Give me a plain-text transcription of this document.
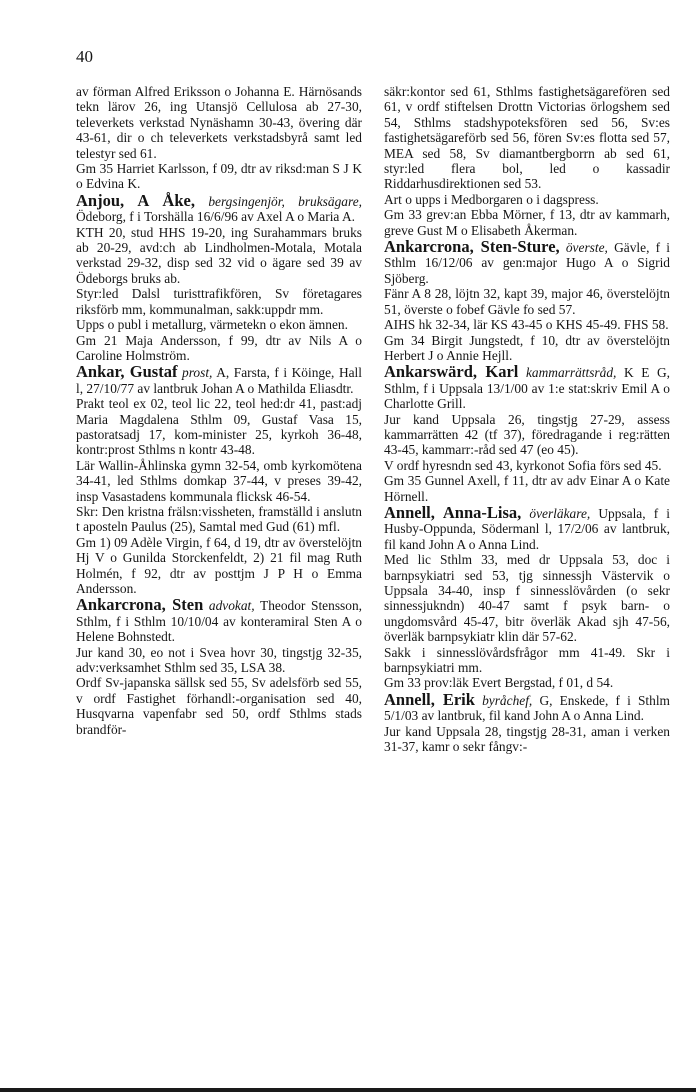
40

av förman Alfred Eriksson o Johanna E. Härnösands tekn lärov 26, ing Utansjö Cellulosa ab 27-30, televerkets verkstad Nynäshamn 30-43, övering där 43-61, dir o ch televerkets verkstadsbyrå samt led telestyr sed 61.

Gm 35 Harriet Karlsson, f 09, dtr av riksd:man S J K o Edvina K.

Anjou, A Åke, bergsingenjör, bruksägare, Ödeborg, f i Torshälla 16/6/96 av Axel A o Maria A.

KTH 20, stud HHS 19-20, ing Surahammars bruks ab 20-29, avd:ch ab Lindholmen-Motala, Motala verkstad 29-32, disp sed 32 vid o ägare sed 39 av Ödeborgs bruks ab.

Styr:led Dalsl turisttrafikfören, Sv företagares riksförb mm, kommunalman, sakk:uppdr mm.

Upps o publ i metallurg, värmetekn o ekon ämnen.

Gm 21 Maja Andersson, f 99, dtr av Nils A o Caroline Holmström.

Ankar, Gustaf prost, A, Farsta, f i Köinge, Hall l, 27/10/77 av lantbruk Johan A o Mathilda Eliasdtr.

Prakt teol ex 02, teol lic 22, teol hed:dr 41, past:adj Maria Magdalena Sthlm 09, Gustaf Vasa 15, pastoratsadj 17, kom-minister 25, kyrkoh 36-48, kontr:prost Sthlms n kontr 43-48.

Lär Wallin-Åhlinska gymn 32-54, omb kyrkomötena 34-41, led Sthlms domkap 37-44, v preses 39-42, insp Vasastadens kommunala flicksk 46-54.

Skr: Den kristna frälsn:vissheten, framställd i anslutn t aposteln Paulus (25), Samtal med Gud (61) mfl.

Gm 1) 09 Adèle Virgin, f 64, d 19, dtr av överstelöjtn Hj V o Gunilda Storckenfeldt, 2) 21 fil mag Ruth Holmén, f 92, dtr av posttjm J P H o Emma Andersson.

Ankarcrona, Sten advokat, Theodor Stensson, Sthlm, f i Sthlm 10/10/04 av konteramiral Sten A o Helene Bohnstedt.

Jur kand 30, eo not i Svea hovr 30, tingstjg 32-35, adv:verksamhet Sthlm sed 35, LSA 38.

Ordf Sv-japanska sällsk sed 55, Sv adelsförb sed 55, v ordf Fastighet förhandl:-organisation sed 40, Husqvarna vapenfabr sed 50, ordf Sthlms stads brandför-

säkr:kontor sed 61, Sthlms fastighetsägarefören sed 61, v ordf stiftelsen Drottn Victorias örlogshem sed 54, Sthlms stadshypoteksfören sed 56, Sv:es fastighetsägareförb sed 56, fören Sv:es flotta sed 57, MEA sed 58, Sv diamantbergborrn ab sed 61, styr:led flera bol, led o kassadir Riddarhusdirektionen sed 53.

Art o upps i Medborgaren o i dagspress.

Gm 33 grev:an Ebba Mörner, f 13, dtr av kammarh, greve Gust M o Elisabeth Åkerman.

Ankarcrona, Sten-Sture, överste, Gävle, f i Sthlm 16/12/06 av gen:major Hugo A o Sigrid Sjöberg.

Fänr A 8 28, löjtn 32, kapt 39, major 46, överstelöjtn 51, överste o fobef Gävle fo sed 57.

AIHS hk 32-34, lär KS 43-45 o KHS 45-49. FHS 58.

Gm 34 Birgit Jungstedt, f 10, dtr av överstelöjtn Herbert J o Annie Hejll.

Ankarswärd, Karl kammarrättsråd, K E G, Sthlm, f i Uppsala 13/1/00 av 1:e stat:skriv Emil A o Charlotte Grill.

Jur kand Uppsala 26, tingstjg 27-29, assess kammarrätten 42 (tf 37), föredragande i reg:rätten 43-45, kammarr:-råd sed 47 (eo 45).

V ordf hyresndn sed 43, kyrkonot Sofia förs sed 45.

Gm 35 Gunnel Axell, f 11, dtr av adv Einar A o Kate Hörnell.

Annell, Anna-Lisa, överläkare, Uppsala, f i Husby-Oppunda, Södermanl l, 17/2/06 av lantbruk, fil kand John A o Anna Lind.

Med lic Sthlm 33, med dr Uppsala 53, doc i barnpsykiatri sed 53, tjg sinnessjh Västervik o Uppsala 34-40, insp f sinnesslövården (o sekr sinnessjukndn) 40-47 samt f psyk barn- o ungdomsvård 45-47, bitr överläk Akad sjh 47-56, överläk barnpsykiatr klin där 57-62.

Sakk i sinnesslövårdsfrågor mm 41-49. Skr i barnpsykiatri mm.

Gm 33 prov:läk Evert Bergstad, f 01, d 54.

Annell, Erik byråchef, G, Enskede, f i Sthlm 5/1/03 av lantbruk, fil kand John A o Anna Lind.

Jur kand Uppsala 28, tingstjg 28-31, aman i verken 31-37, kamr o sekr fångv:-
